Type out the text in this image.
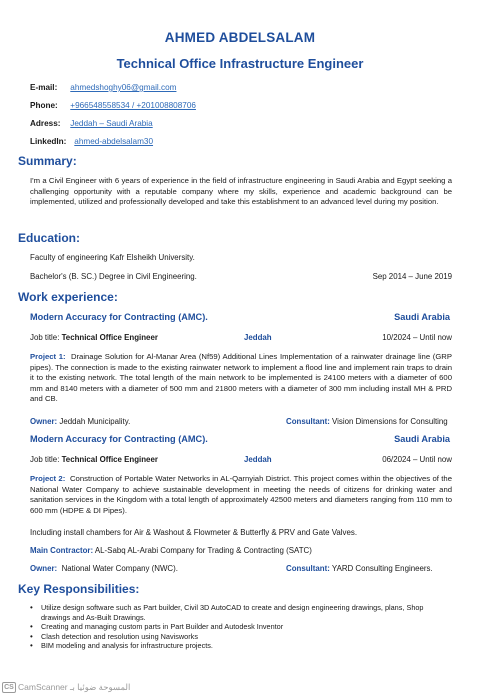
AHMED ABDELSALAM
Technical Office Infrastructure Engineer
E-mail: ahmedshoghy06@gmail.com
Phone: +966548558534 / +201008808706
Adress: Jeddah – Saudi Arabia
LinkedIn: ahmed-abdelsalam30
Summary:
I'm a Civil Engineer with 6 years of experience in the field of infrastructure engineering in Saudi Arabia and Egypt seeking a challenging opportunity with a reputable company where my skills, experience and academic background can be implemented, utilized and professionally developed and take this establishment to an advanced level during my position.
Education:
Faculty of engineering Kafr Elsheikh University.
Bachelor's (B. SC.) Degree in Civil Engineering.	Sep 2014 – June 2019
Work experience:
Modern Accuracy for Contracting (AMC).	Saudi Arabia
Job title: Technical Office Engineer	Jeddah	10/2024 – Until now
Project 1: Drainage Solution for Al-Manar Area (Nf59) Additional Lines Implementation of a rainwater drainage line (GRP pipes). The connection is made to the existing rainwater network to implement a flood line and implement rain traps to drain it to the existing network. The total length of the main network to be implemented is 24100 meters with a diameter of 600 mm and 8140 meters with a diameter of 500 mm and 21800 meters with a diameter of 300 mm including install MH & PRD and CB.
Owner: Jeddah Municipality.	Consultant: Vision Dimensions for Consulting
Modern Accuracy for Contracting (AMC).	Saudi Arabia
Job title: Technical Office Engineer	Jeddah	06/2024 – Until now
Project 2: Construction of Portable Water Networks in AL-Qarnyiah District. This project comes within the objectives of the National Water Company to achieve sustainable development in meeting the needs of citizens for drinking water and sanitation services in the Kingdom with a total length of approximately 42500 meters and diameters ranging from 110 mm to 600 mm (HDPE & DI Pipes).
Including install chambers for Air & Washout & Flowmeter & Butterfly & PRV and Gate Valves.
Main Contractor: AL-Sabq AL-Arabi Company for Trading & Contracting (SATC)
Owner: National Water Company (NWC).	Consultant: YARD Consulting Engineers.
Key Responsibilities:
• Utilize design software such as Part builder, Civil 3D AutoCAD to create and design engineering drawings, plans, Shop drawings and As-Built Drawings.
• Creating and managing custom parts in Part Builder and Autodesk Inventor
• Clash detection and resolution using Navisworks
• BIM modeling and analysis for infrastructure projects.
CS CamScanner المسوحة ضوئيا بـ
